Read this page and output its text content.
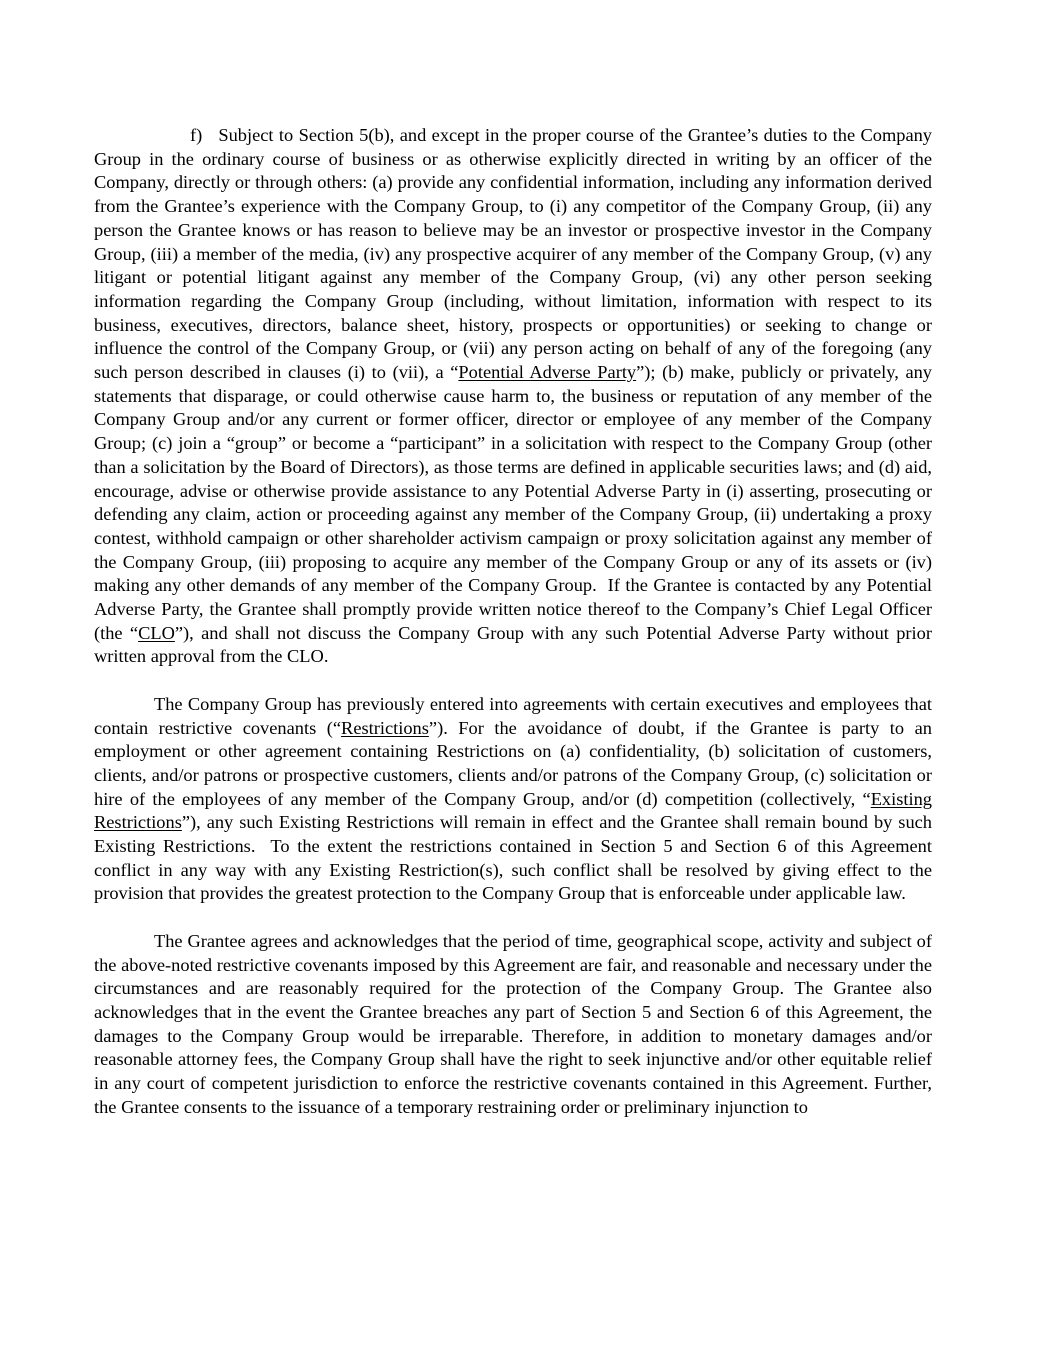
f)   Subject to Section 5(b), and except in the proper course of the Grantee’s duties to the Company Group in the ordinary course of business or as otherwise explicitly directed in writing by an officer of the Company, directly or through others: (a) provide any confidential information, including any information derived from the Grantee’s experience with the Company Group, to (i) any competitor of the Company Group, (ii) any person the Grantee knows or has reason to believe may be an investor or prospective investor in the Company Group, (iii) a member of the media, (iv) any prospective acquirer of any member of the Company Group, (v) any litigant or potential litigant against any member of the Company Group, (vi) any other person seeking information regarding the Company Group (including, without limitation, information with respect to its business, executives, directors, balance sheet, history, prospects or opportunities) or seeking to change or influence the control of the Company Group, or (vii) any person acting on behalf of any of the foregoing (any such person described in clauses (i) to (vii), a “Potential Adverse Party”); (b) make, publicly or privately, any statements that disparage, or could otherwise cause harm to, the business or reputation of any member of the Company Group and/or any current or former officer, director or employee of any member of the Company Group; (c) join a “group” or become a “participant” in a solicitation with respect to the Company Group (other than a solicitation by the Board of Directors), as those terms are defined in applicable securities laws; and (d) aid, encourage, advise or otherwise provide assistance to any Potential Adverse Party in (i) asserting, prosecuting or defending any claim, action or proceeding against any member of the Company Group, (ii) undertaking a proxy contest, withhold campaign or other shareholder activism campaign or proxy solicitation against any member of the Company Group, (iii) proposing to acquire any member of the Company Group or any of its assets or (iv) making any other demands of any member of the Company Group.  If the Grantee is contacted by any Potential Adverse Party, the Grantee shall promptly provide written notice thereof to the Company’s Chief Legal Officer (the “CLO”), and shall not discuss the Company Group with any such Potential Adverse Party without prior written approval from the CLO.

The Company Group has previously entered into agreements with certain executives and employees that contain restrictive covenants (“Restrictions”). For the avoidance of doubt, if the Grantee is party to an employment or other agreement containing Restrictions on (a) confidentiality, (b) solicitation of customers, clients, and/or patrons or prospective customers, clients and/or patrons of the Company Group, (c) solicitation or hire of the employees of any member of the Company Group, and/or (d) competition (collectively, “Existing Restrictions”), any such Existing Restrictions will remain in effect and the Grantee shall remain bound by such Existing Restrictions.  To the extent the restrictions contained in Section 5 and Section 6 of this Agreement conflict in any way with any Existing Restriction(s), such conflict shall be resolved by giving effect to the provision that provides the greatest protection to the Company Group that is enforceable under applicable law.

The Grantee agrees and acknowledges that the period of time, geographical scope, activity and subject of the above-noted restrictive covenants imposed by this Agreement are fair, and reasonable and necessary under the circumstances and are reasonably required for the protection of the Company Group. The Grantee also acknowledges that in the event the Grantee breaches any part of Section 5 and Section 6 of this Agreement, the damages to the Company Group would be irreparable. Therefore, in addition to monetary damages and/or reasonable attorney fees, the Company Group shall have the right to seek injunctive and/or other equitable relief in any court of competent jurisdiction to enforce the restrictive covenants contained in this Agreement. Further, the Grantee consents to the issuance of a temporary restraining order or preliminary injunction to
